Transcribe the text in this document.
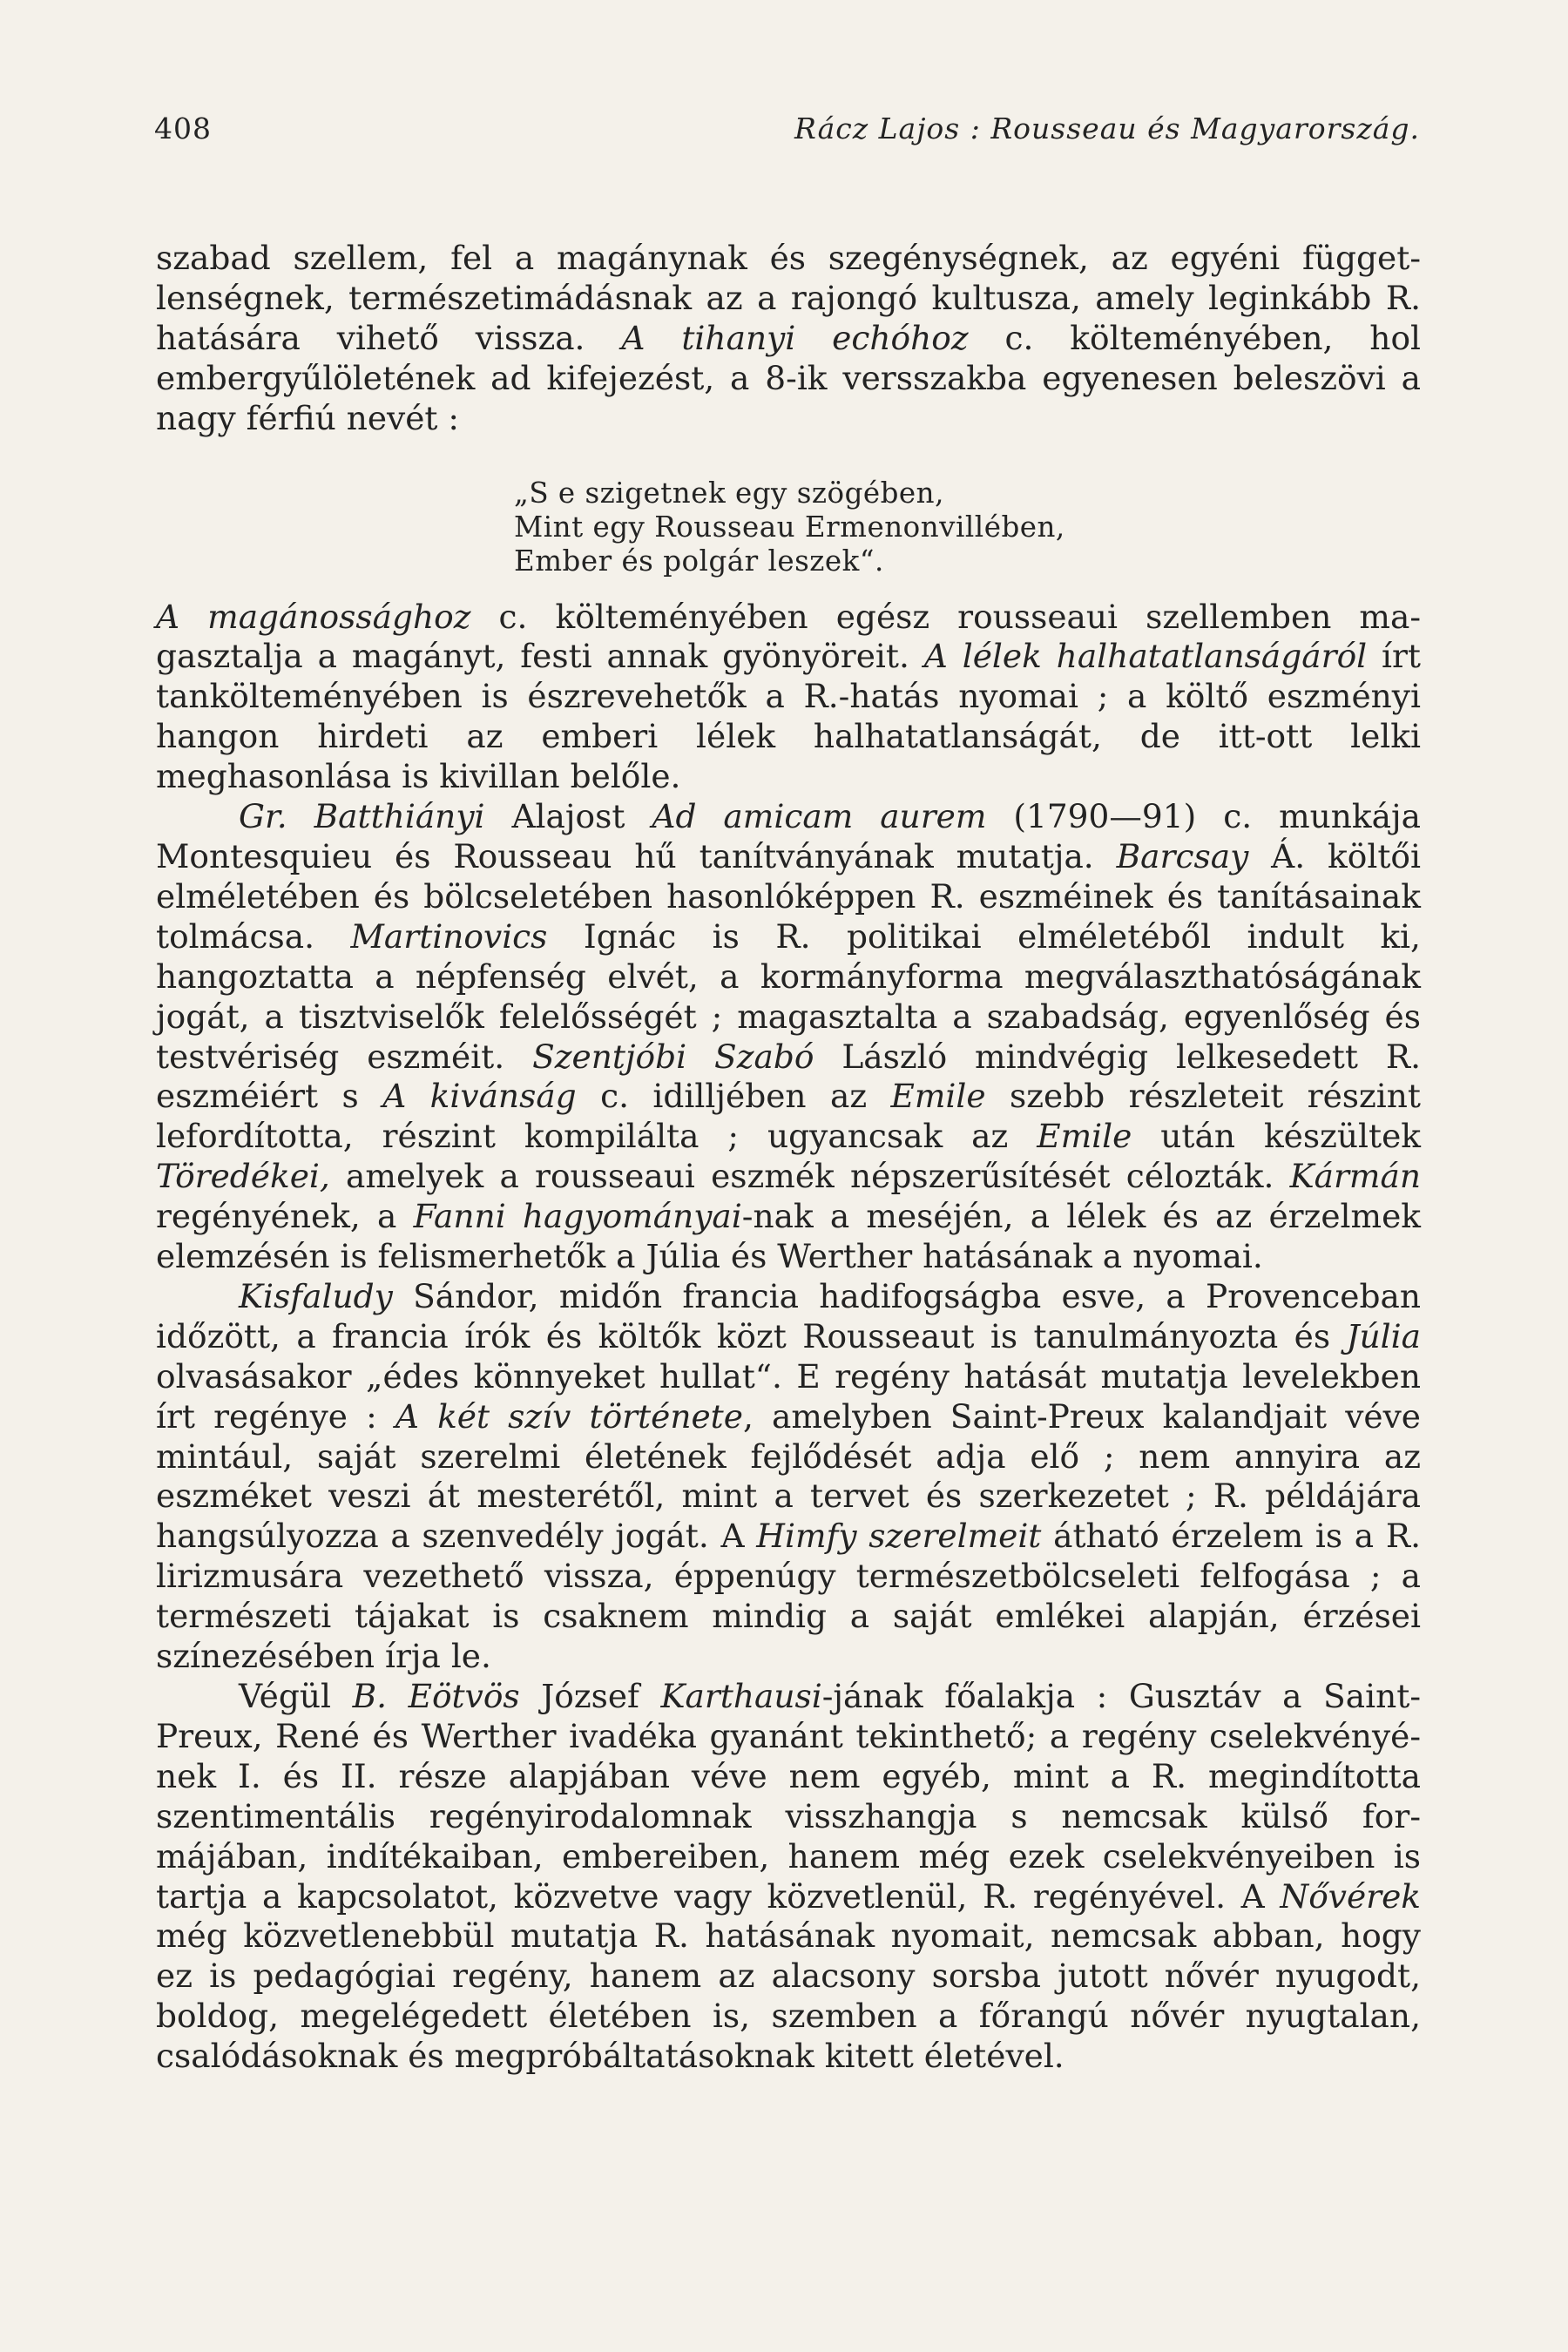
408	Rácz Lajos : Rousseau és Magyarország.

szabad szellem, fel a magánynak és szegénységnek, az egyéni függetlenségnek, természetimádásnak az a rajongó kultusza, amely leginkább R. hatására vihető vissza. A tihanyi echóhoz c. költeményében, hol embergyűlöletének ad kifejezést, a 8-ik versszakba egyenesen beleszövi a nagy férfiú nevét :

„S e szigetnek egy szögében,
Mint egy Rousseau Ermenonvillében,
Ember és polgár leszek“.

A magánossághoz c. költeményében egész rousseaui szellemben magasztalja a magányt, festi annak gyönyöreit. A lélek halhatatlanságáról írt tankölteményében is észrevehetők a R.-hatás nyomai ; a költő eszményi hangon hirdeti az emberi lélek halhatatlanságát, de itt-ott lelki meghasonlása is kivillan belőle.

Gr. Batthiányi Alajost Ad amicam aurem (1790—91) c. munkája Montesquieu és Rousseau hű tanítványának mutatja. Barcsay Á. költői elméletében és bölcseletében hasonlóképpen R. eszméinek és tanításainak tolmácsa. Martinovics Ignác is R. politikai elméletéből indult ki, hangoztatta a népfenség elvét, a kormányforma megválaszthatóságának jogát, a tisztviselők felelősségét ; magasztalta a szabadság, egyenlőség és testvériség eszméit. Szentjóbi Szabó László mindvégig lelkesedett R. eszméiért s A kivánság c. idilljében az Emile szebb részleteit részint lefordította, részint kompilálta ; ugyancsak az Emile után készültek Töredékei, amelyek a rousseaui eszmék népszerűsítését célozták. Kármán regényének, a Fanni hagyományai-nak a meséjén, a lélek és az érzelmek elemzésén is felismerhetők a Júlia és Werther hatásának a nyomai.

Kisfaludy Sándor, midőn francia hadifogságba esve, a Provenceban időzött, a francia írók és költők közt Rousseaut is tanulmányozta és Júlia olvasásakor „édes könnyeket hullat“. E regény hatását mutatja levelekben írt regénye : A két szív története, amelyben Saint-Preux kalandjait véve mintául, saját szerelmi életének fejlődését adja elő ; nem annyira az eszméket veszi át mesterétől, mint a tervet és szerkezetet ; R. példájára hangsúlyozza a szenvedély jogát. A Himfy szerelmeit átható érzelem is a R. lirizmusára vezethető vissza, éppenúgy természetbölcseleti felfogása ; a természeti tájakat is csaknem mindig a saját emlékei alapján, érzései színezésében írja le.

Végül B. Eötvös József Karthausi-jának főalakja : Gusztáv a Saint-Preux, René és Werther ivadéka gyanánt tekinthető; a regény cselekvényének I. és II. része alapjában véve nem egyéb, mint a R. megindította szentimentális regényirodalomnak visszhangja s nemcsak külső formájában, indítékaiban, embereiben, hanem még ezek cselekvényeiben is tartja a kapcsolatot, közvetve vagy közvetlenül, R. regényével. A Nővérek még közvetlenebbül mutatja R. hatásának nyomait, nemcsak abban, hogy ez is pedagógiai regény, hanem az alacsony sorsba jutott nővér nyugodt, boldog, megelégedett életében is, szemben a főrangú nővér nyugtalan, csalódásoknak és megpróbáltatásoknak kitett életével.
